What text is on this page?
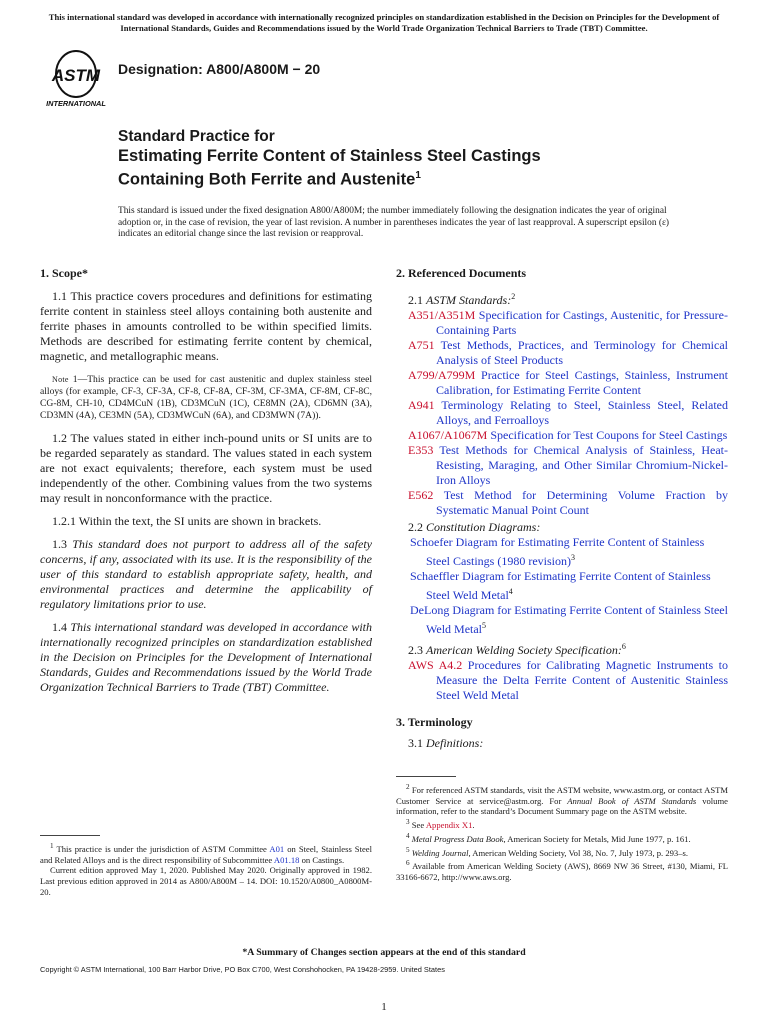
This international standard was developed in accordance with internationally recognized principles on standardization established in the Decision on Principles for the Development of International Standards, Guides and Recommendations issued by the World Trade Organization Technical Barriers to Trade (TBT) Committee.
ASTM
INTERNATIONAL
Designation: A800/A800M − 20
Standard Practice for
Estimating Ferrite Content of Stainless Steel Castings
Containing Both Ferrite and Austenite$^1$
This standard is issued under the fixed designation A800/A800M; the number immediately following the designation indicates the year of original adoption or, in the case of revision, the year of last revision. A number in parentheses indicates the year of last reapproval. A superscript epsilon (ε) indicates an editorial change since the last revision or reapproval.
1. Scope*
1.1 This practice covers procedures and definitions for estimating ferrite content in stainless steel alloys containing both austenite and ferrite phases in amounts controlled to be within specified limits. Methods are described for estimating ferrite content by chemical, magnetic, and metallographic means.
Note 1—This practice can be used for cast austenitic and duplex stainless steel alloys (for example, CF-3, CF-3A, CF-8, CF-8A, CF-3M, CF-3MA, CF-8M, CF-8C, CG-8M, CH-10, CD4MCuN (1B), CD3MCuN (1C), CE8MN (2A), CD6MN (3A), CD3MN (4A), CE3MN (5A), CD3MWCuN (6A), and CD3MWN (7A)).
1.2 The values stated in either inch-pound units or SI units are to be regarded separately as standard. The values stated in each system are not exact equivalents; therefore, each system must be used independently of the other. Combining values from the two systems may result in nonconformance with the practice.
1.2.1 Within the text, the SI units are shown in brackets.
1.3 This standard does not purport to address all of the safety concerns, if any, associated with its use. It is the responsibility of the user of this standard to establish appropriate safety, health, and environmental practices and determine the applicability of regulatory limitations prior to use.
1.4 This international standard was developed in accordance with internationally recognized principles on standardization established in the Decision on Principles for the Development of International Standards, Guides and Recommendations issued by the World Trade Organization Technical Barriers to Trade (TBT) Committee.
2. Referenced Documents
2.1 ASTM Standards:$^2$
A351/A351M Specification for Castings, Austenitic, for Pressure-Containing Parts
A751 Test Methods, Practices, and Terminology for Chemical Analysis of Steel Products
A799/A799M Practice for Steel Castings, Stainless, Instrument Calibration, for Estimating Ferrite Content
A941 Terminology Relating to Steel, Stainless Steel, Related Alloys, and Ferroalloys
A1067/A1067M Specification for Test Coupons for Steel Castings
E353 Test Methods for Chemical Analysis of Stainless, Heat-Resisting, Maraging, and Other Similar Chromium-Nickel-Iron Alloys
E562 Test Method for Determining Volume Fraction by Systematic Manual Point Count
2.2 Constitution Diagrams:
Schoefer Diagram for Estimating Ferrite Content of Stainless Steel Castings (1980 revision)$^3$
Schaeffler Diagram for Estimating Ferrite Content of Stainless Steel Weld Metal$^4$
DeLong Diagram for Estimating Ferrite Content of Stainless Steel Weld Metal$^5$
2.3 American Welding Society Specification:$^6$
AWS A4.2 Procedures for Calibrating Magnetic Instruments to Measure the Delta Ferrite Content of Austenitic Stainless Steel Weld Metal
3. Terminology
3.1 Definitions:

$^1$ This practice is under the jurisdiction of ASTM Committee A01 on Steel, Stainless Steel and Related Alloys and is the direct responsibility of Subcommittee A01.18 on Castings.

Current edition approved May 1, 2020. Published May 2020. Originally approved in 1982. Last previous edition approved in 2014 as A800/A800M – 14. DOI: 10.1520/A0800_A0800M-20.

$^2$ For referenced ASTM standards, visit the ASTM website, www.astm.org, or contact ASTM Customer Service at service@astm.org. For Annual Book of ASTM Standards volume information, refer to the standard’s Document Summary page on the ASTM website.

$^3$ See Appendix X1.

$^4$ Metal Progress Data Book, American Society for Metals, Mid June 1977, p. 161.

$^5$ Welding Journal, American Welding Society, Vol 38, No. 7, July 1973, p. 293–s.

$^6$ Available from American Welding Society (AWS), 8669 NW 36 Street, #130, Miami, FL 33166-6672, http://www.aws.org.

*A Summary of Changes section appears at the end of this standard
Copyright © ASTM International, 100 Barr Harbor Drive, PO Box C700, West Conshohocken, PA 19428-2959. United States
1
